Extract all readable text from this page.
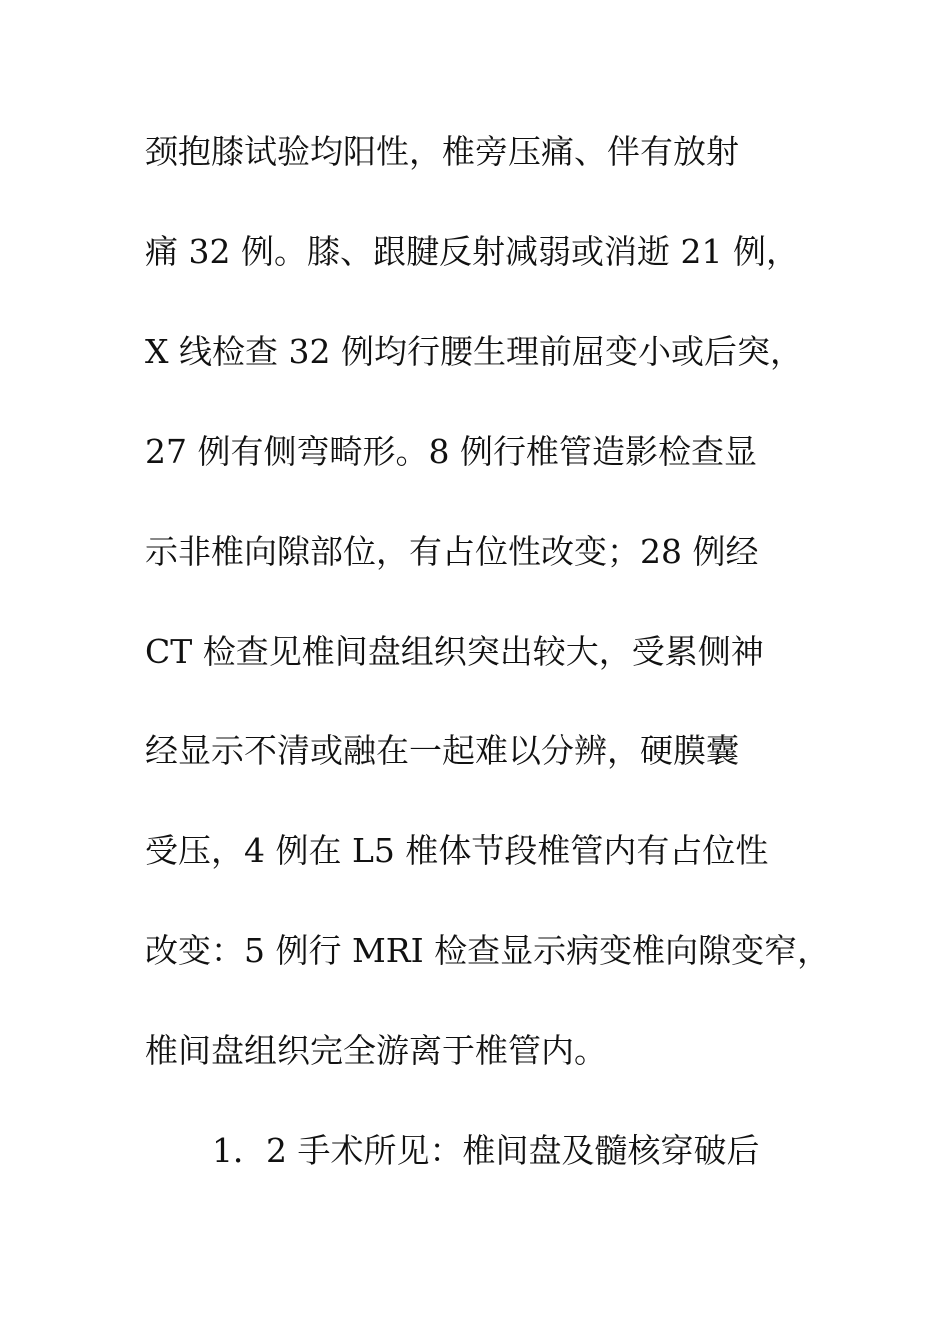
颈抱膝试验均阳性，椎旁压痛、伴有放射
痛 32 例。膝、跟腱反射减弱或消逝 21 例，
X 线检查 32 例均行腰生理前屈变小或后突，
27 例有侧弯畸形。8 例行椎管造影检查显
示非椎向隙部位，有占位性改变；28 例经
CT 检查见椎间盘组织突出较大，受累侧神
经显示不清或融在一起难以分辨，硬膜囊
受压，4 例在 L5 椎体节段椎管内有占位性
改变：5 例行 MRI 检查显示病变椎向隙变窄，
椎间盘组织完全游离于椎管内。
1．2 手术所见：椎间盘及髓核穿破后
